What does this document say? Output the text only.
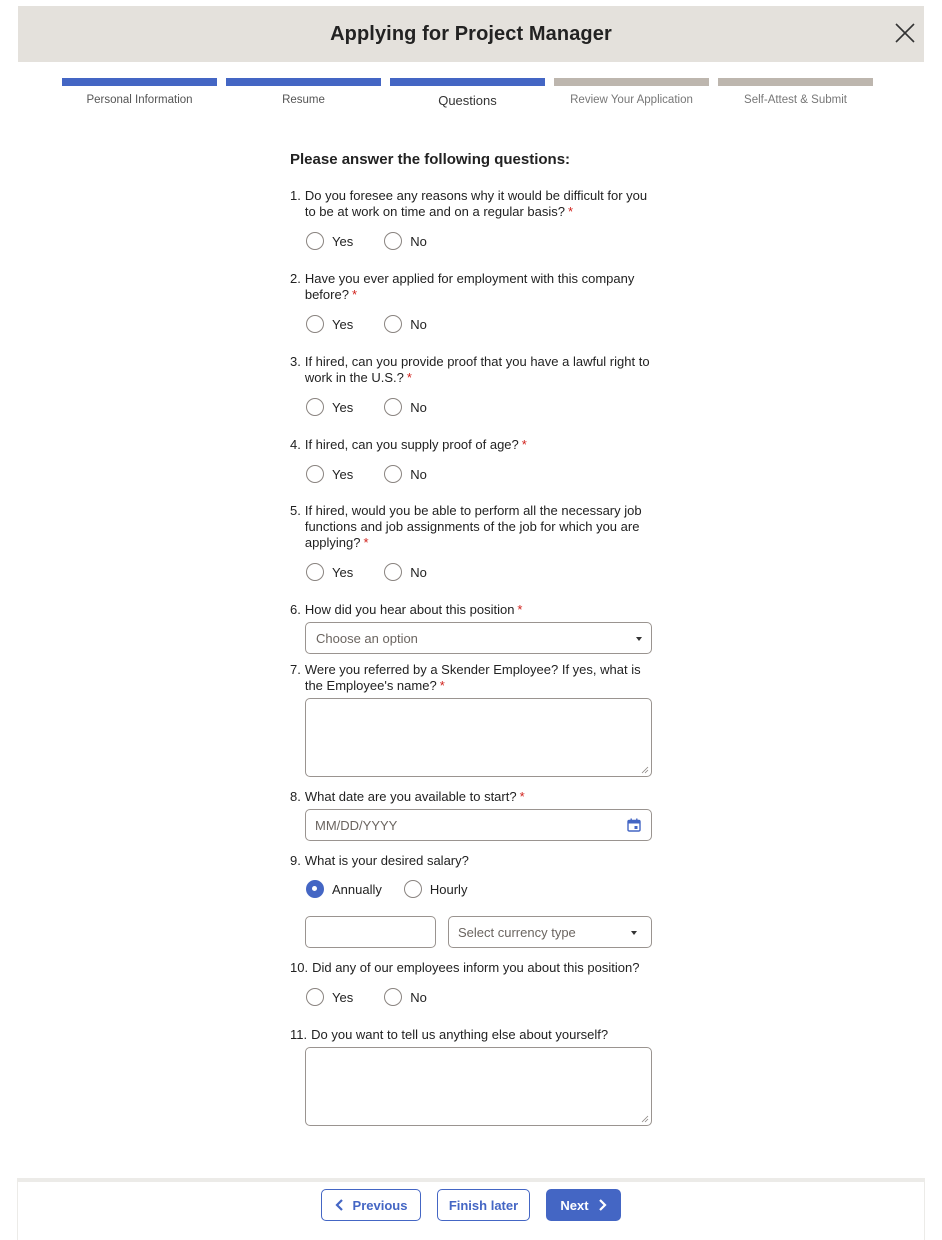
Applying for Project Manager
Personal Information	Resume	Questions	Review Your Application	Self-Attest & Submit
Please answer the following questions:
1. Do you foresee any reasons why it would be difficult for you to be at work on time and on a regular basis? *
Yes	No
2. Have you ever applied for employment with this company before? *
Yes	No
3. If hired, can you provide proof that you have a lawful right to work in the U.S.? *
Yes	No
4. If hired, can you supply proof of age? *
Yes	No
5. If hired, would you be able to perform all the necessary job functions and job assignments of the job for which you are applying? *
Yes	No
6. How did you hear about this position *
Choose an option
7. Were you referred by a Skender Employee? If yes, what is the Employee's name? *
8. What date are you available to start? *
MM/DD/YYYY
9. What is your desired salary?
Annually	Hourly
Select currency type
10. Did any of our employees inform you about this position?
Yes	No
11. Do you want to tell us anything else about yourself?
Previous	Finish later	Next
